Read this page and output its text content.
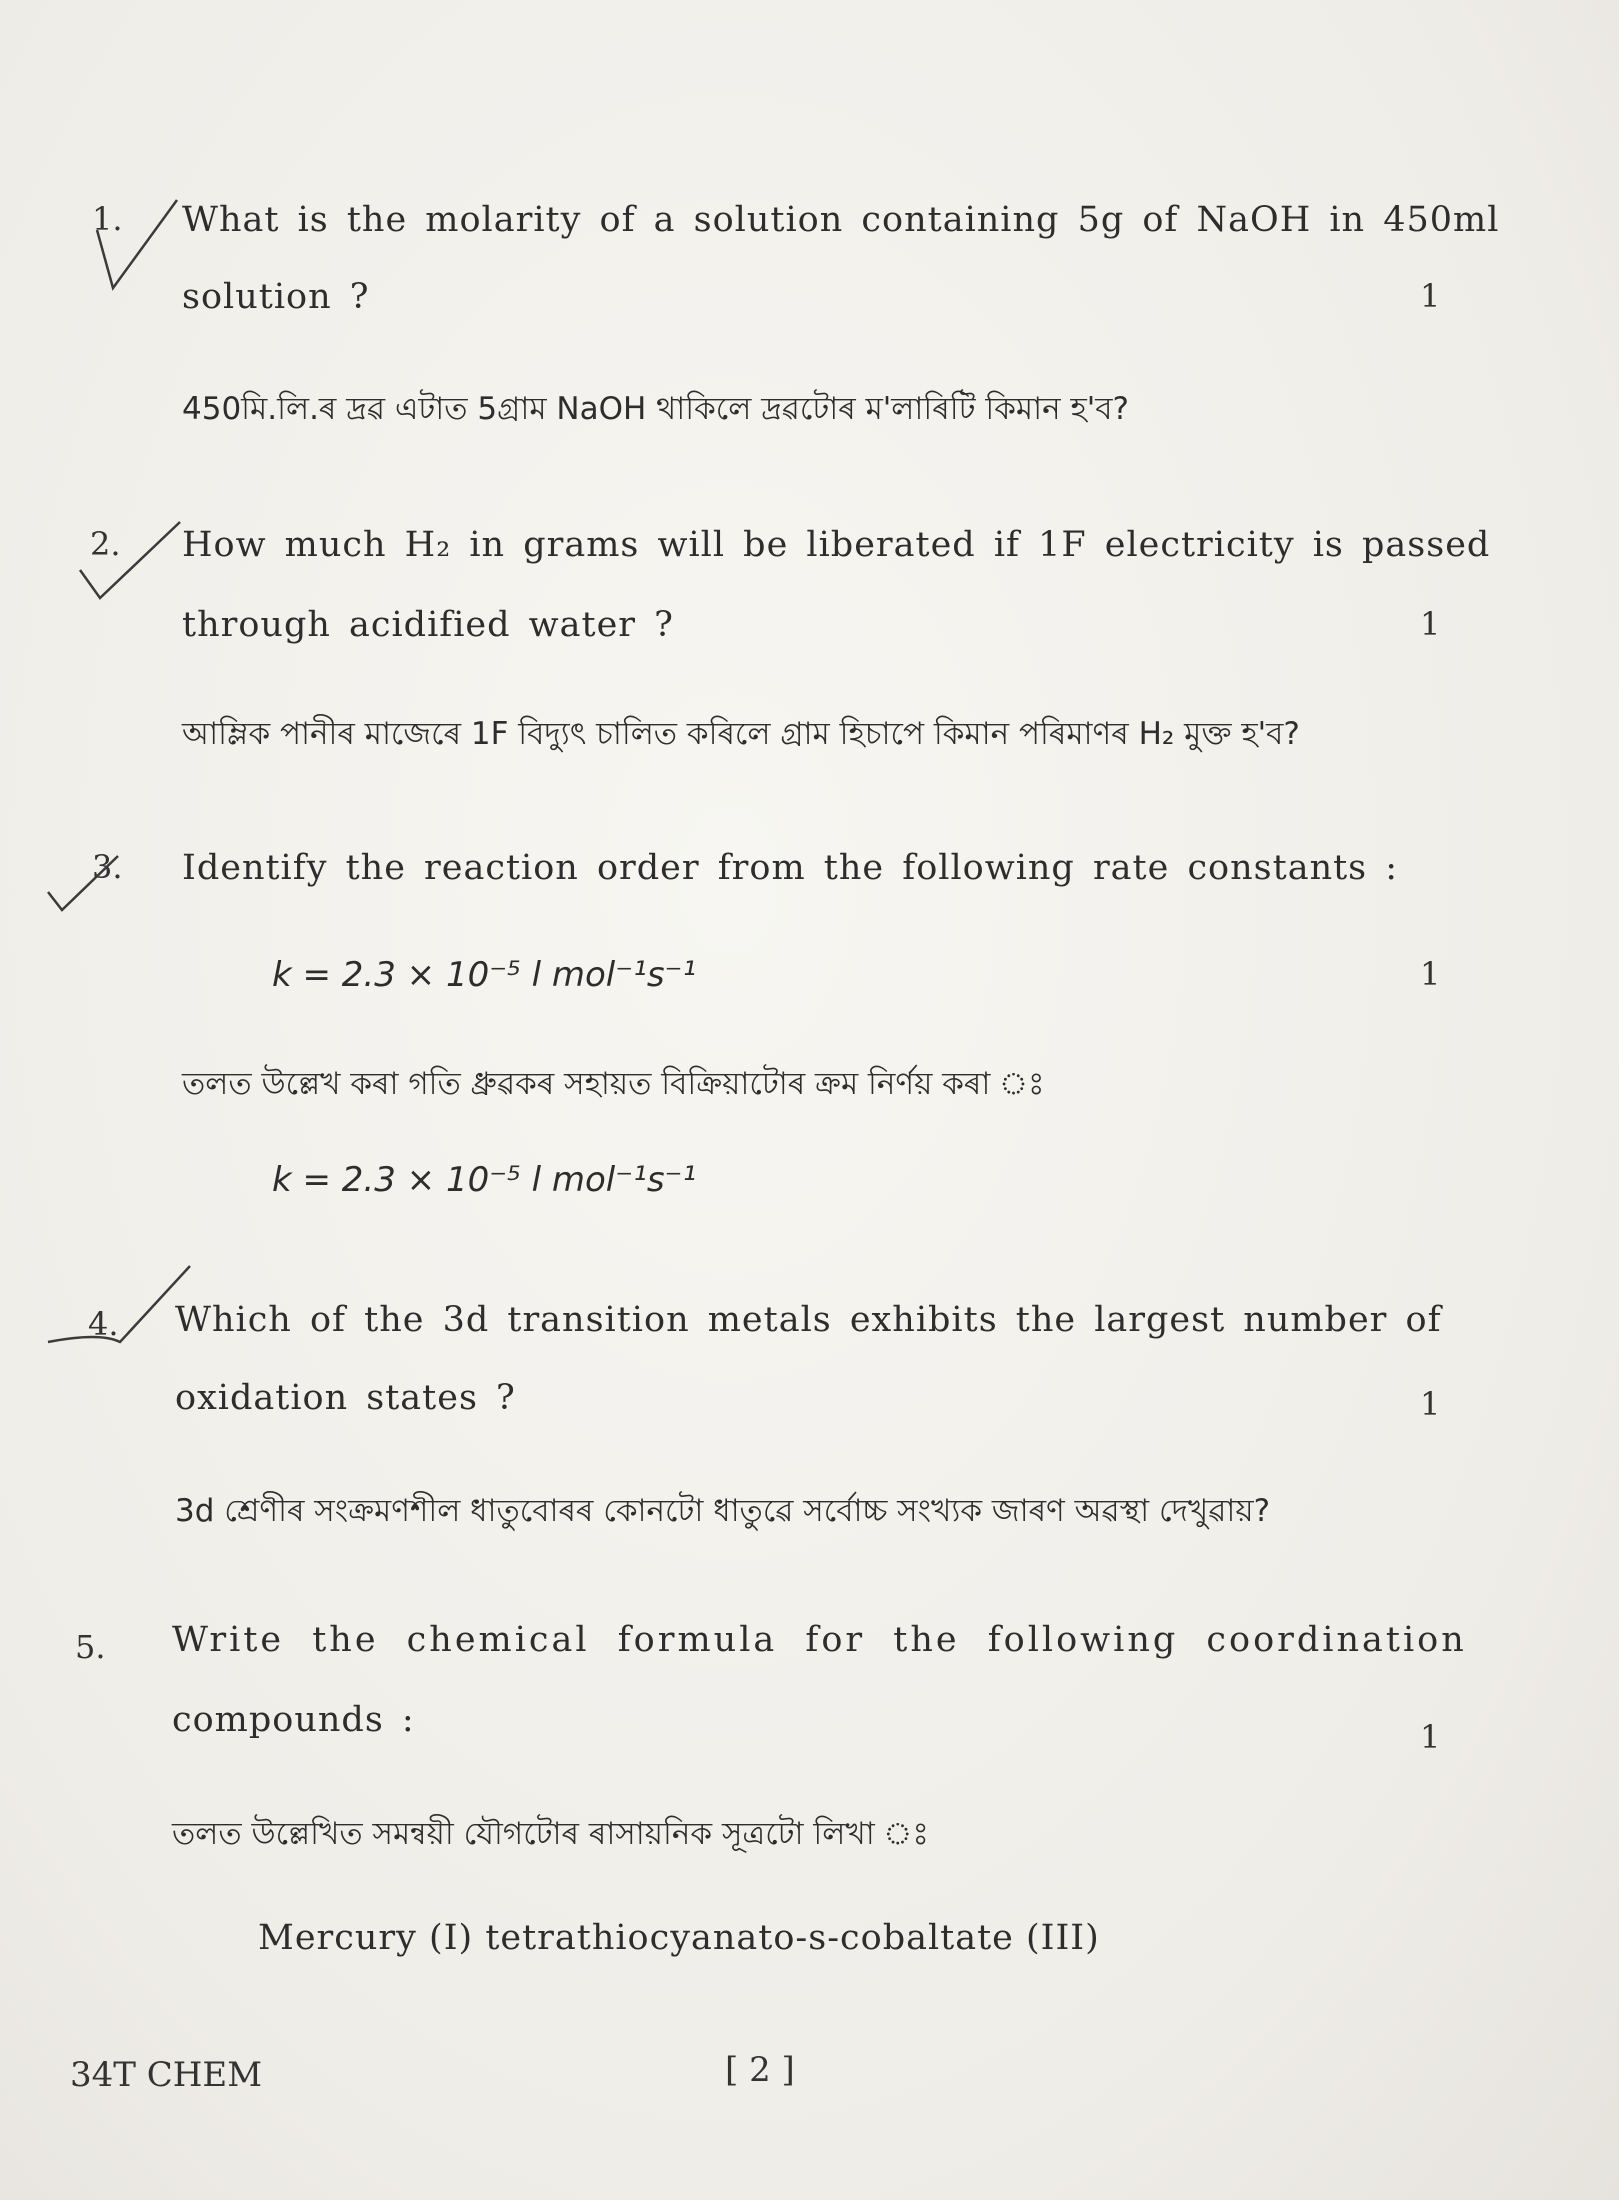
1. What is the molarity of a solution containing 5g of NaOH in 450ml
solution ?	1
450মি.লি.ৰ দ্ৰৱ এটাত 5গ্ৰাম NaOH থাকিলে দ্ৰৱটোৰ ম'লাৰিটি কিমান হ'ব?
2. How much H₂ in grams will be liberated if 1F electricity is passed
through acidified water ?	1
আম্লিক পানীৰ মাজেৰে 1F বিদ্যুৎ চালিত কৰিলে গ্ৰাম হিচাপে কিমান পৰিমাণৰ H₂ মুক্ত হ'ব?
3. Identify the reaction order from the following rate constants :
k = 2.3 × 10⁻⁵ l mol⁻¹s⁻¹	1
তলত উল্লেখ কৰা গতি ধ্ৰুৱকৰ সহায়ত বিক্ৰিয়াটোৰ ক্ৰম নিৰ্ণয় কৰা ঃ
k = 2.3 × 10⁻⁵ l mol⁻¹s⁻¹
4. Which of the 3d transition metals exhibits the largest number of
oxidation states ?	1
3d শ্ৰেণীৰ সংক্ৰমণশীল ধাতুবোৰৰ কোনটো ধাতুৱে সৰ্বোচ্চ সংখ্যক জাৰণ অৱস্থা দেখুৱায়?
5. Write the chemical formula for the following coordination
compounds :	1
তলত উল্লেখিত সমন্বয়ী যৌগটোৰ ৰাসায়নিক সূত্ৰটো লিখা ঃ
Mercury (I) tetrathiocyanato-s-cobaltate (III)
34T CHEM	[ 2 ]
